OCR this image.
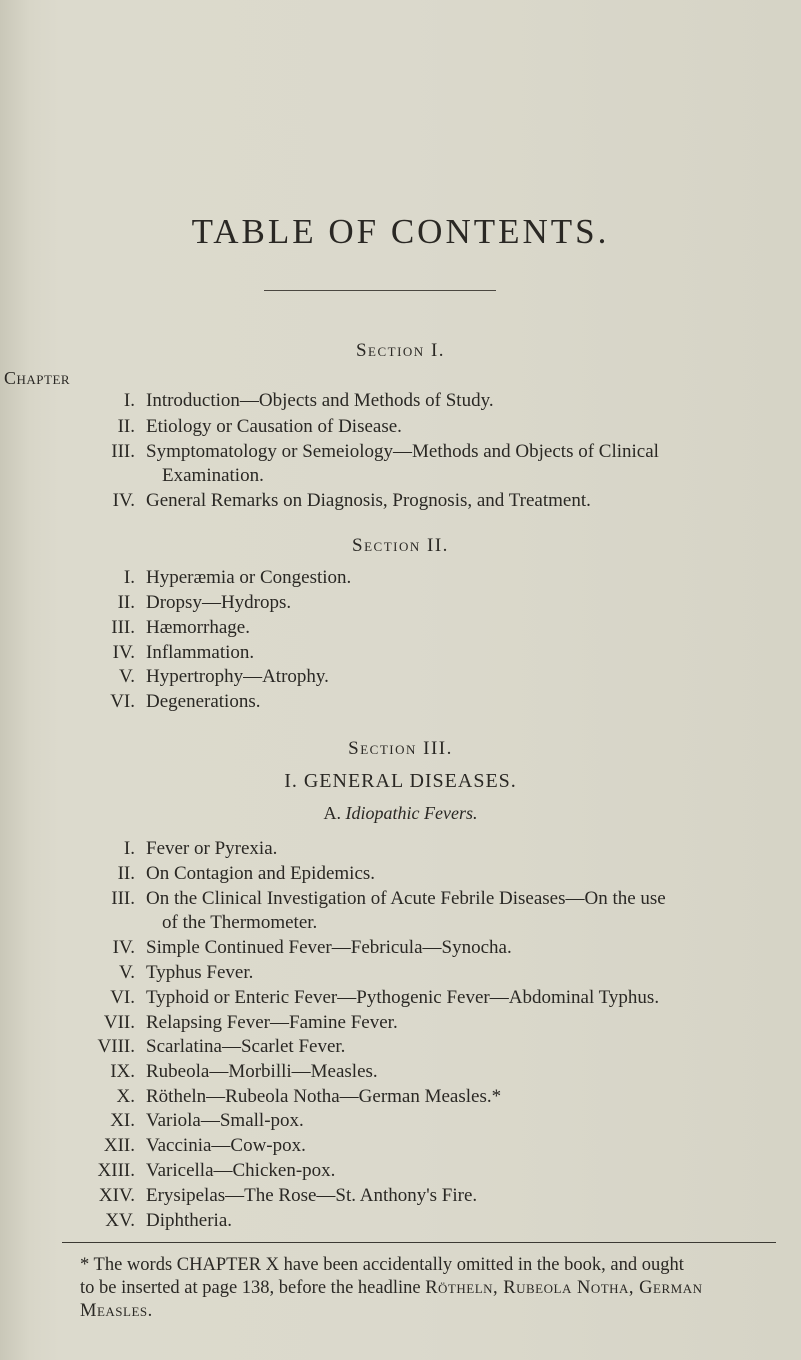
TABLE OF CONTENTS.
Section I.
Chapter
I. Introduction—Objects and Methods of Study.
II. Etiology or Causation of Disease.
III. Symptomatology or Semeiology—Methods and Objects of Clinical
Examination.
IV. General Remarks on Diagnosis, Prognosis, and Treatment.
Section II.
I. Hyperæmia or Congestion.
II. Dropsy—Hydrops.
III. Hæmorrhage.
IV. Inflammation.
V. Hypertrophy—Atrophy.
VI. Degenerations.
Section III.
I. GENERAL DISEASES.
A. Idiopathic Fevers.
I. Fever or Pyrexia.
II. On Contagion and Epidemics.
III. On the Clinical Investigation of Acute Febrile Diseases—On the use
of the Thermometer.
IV. Simple Continued Fever—Febricula—Synocha.
V. Typhus Fever.
VI. Typhoid or Enteric Fever—Pythogenic Fever—Abdominal Typhus.
VII. Relapsing Fever—Famine Fever.
VIII. Scarlatina—Scarlet Fever.
IX. Rubeola—Morbilli—Measles.
X. Rötheln—Rubeola Notha—German Measles.*
XI. Variola—Small-pox.
XII. Vaccinia—Cow-pox.
XIII. Varicella—Chicken-pox.
XIV. Erysipelas—The Rose—St. Anthony's Fire.
XV. Diphtheria.
* The words CHAPTER X have been accidentally omitted in the book, and ought
to be inserted at page 138, before the headline Rötheln, Rubeola Notha, German
Measles.
